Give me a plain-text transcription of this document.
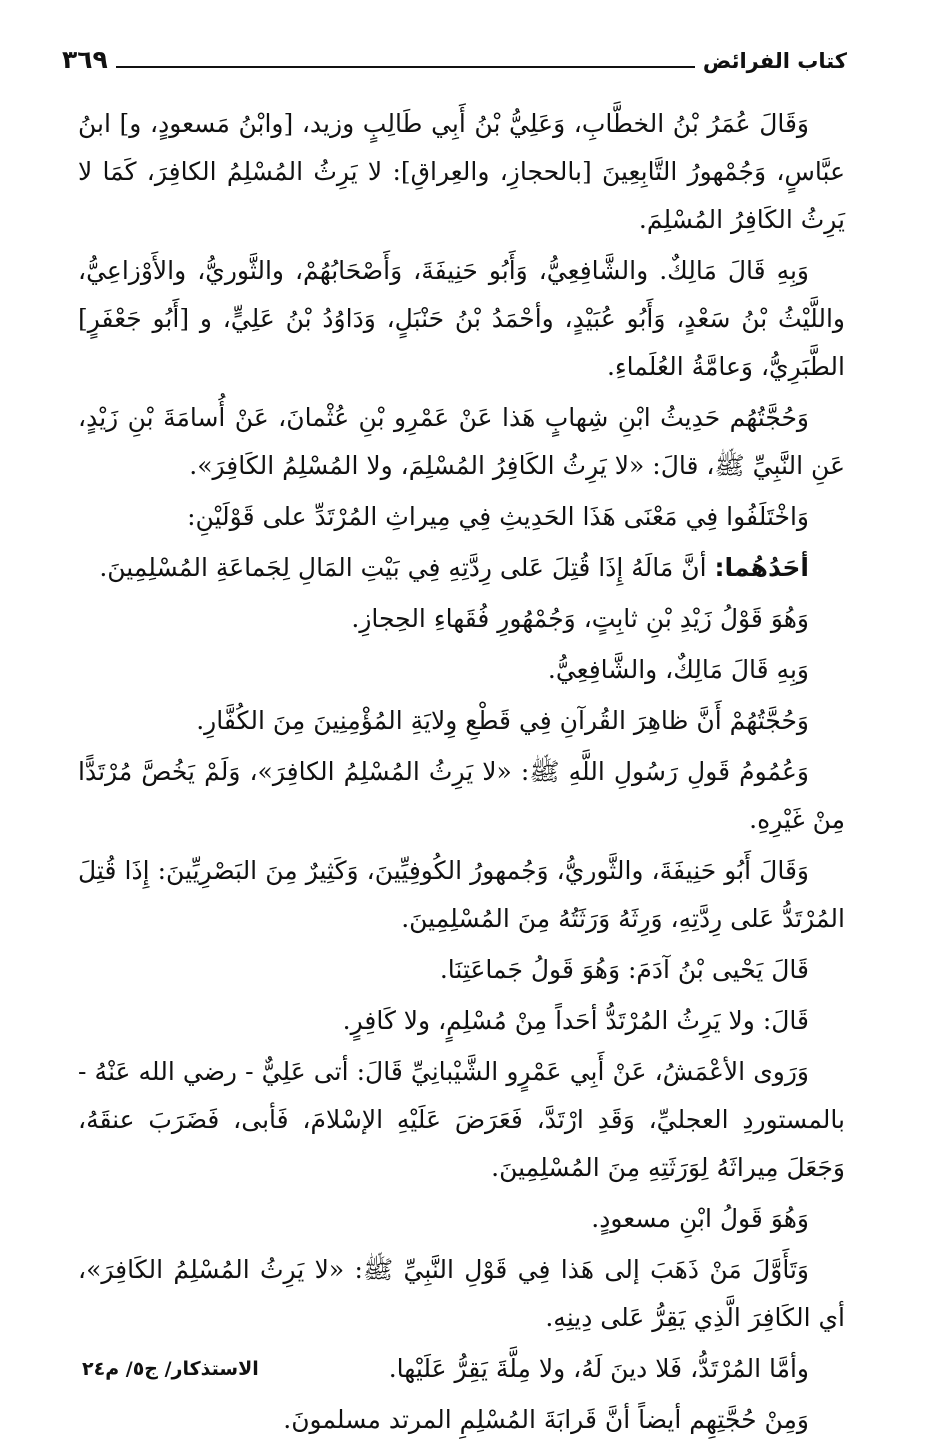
كتاب الفرائض
٣٦٩

وَقَالَ عُمَرُ بْنُ الخطَّابِ، وَعَلِيُّ بْنُ أَبِي طَالِبٍ وزيد، [وابْنُ مَسعودٍ، و] ابنُ عبَّاسٍ، وَجُمْهورُ التَّابِعِينَ [بالحجازِ، والعِراقِ]: لا يَرِثُ المُسْلِمُ الكافِرَ، كَمَا لا يَرِثُ الكَافِرُ المُسْلِمَ.

وَبِهِ قَالَ مَالِكٌ. والشَّافِعِيُّ، وَأَبُو حَنِيفَةَ، وَأَصْحَابُهُمْ، والثَّوريُّ، والأَوْزاعِيُّ، واللَّيْثُ بْنُ سَعْدٍ، وَأَبُو عُبَيْدٍ، وأحْمَدُ بْنُ حَنْبَلٍ، وَدَاوُدُ بْنُ عَلِيٍّ، و [أَبُو جَعْفَرٍ] الطَّبَرِيُّ، وَعامَّةُ العُلَماءِ.

وَحُجَّتُهُم حَدِيثُ ابْنِ شِهابٍ هَذا عَنْ عَمْرِو بْنِ عُثْمانَ، عَنْ أُسامَةَ بْنِ زَيْدٍ، عَنِ النَّبِيِّ ﷺ، قالَ: «لا يَرِثُ الكَافِرُ المُسْلِمَ، ولا المُسْلِمُ الكَافِرَ».

وَاخْتَلَفُوا فِي مَعْنَى هَذَا الحَدِيثِ فِي مِيراثِ المُرْتَدِّ على قَوْلَيْنِ:

أحَدُهُما: أنَّ مَالَهُ إِذَا قُتِلَ عَلى رِدَّتِهِ فِي بَيْتِ المَالِ لِجَماعَةِ المُسْلِمِينَ.

وَهُوَ قَوْلُ زَيْدِ بْنِ ثابِتٍ، وَجُمْهُورِ فُقَهاءِ الحِجازِ.

وَبِهِ قَالَ مَالِكٌ، والشَّافِعِيُّ.

وَحُجَّتُهُمْ أَنَّ ظاهِرَ القُرآنِ فِي قَطْعِ وِلايَةِ المُؤْمِنِينَ مِنَ الكُفَّارِ.

وَعُمُومُ قَولِ رَسُولِ اللَّهِ ﷺ: «لا يَرِثُ المُسْلِمُ الكافِرَ»، وَلَمْ يَخُصَّ مُرْتَدًّا مِنْ غَيْرِهِ.

وَقَالَ أَبُو حَنِيفَةَ، والثَّوريُّ، وَجُمهورُ الكُوفِيِّينَ، وَكَثِيرٌ مِنَ البَصْرِيِّينَ: إِذَا قُتِلَ المُرْتَدُّ عَلى رِدَّتِهِ، وَرِثَهُ وَرَثَتُهُ مِنَ المُسْلِمِينَ.

قَالَ يَحْيى بْنُ آدَمَ: وَهُوَ قَولُ جَماعَتِنَا.

قَالَ: ولا يَرِثُ المُرْتَدُّ أحَداً مِنْ مُسْلِمٍ، ولا كَافِرٍ.

وَرَوى الأعْمَشُ، عَنْ أَبِي عَمْرٍو الشَّيْبانِيِّ قَالَ: أتى عَلِيٌّ - رضي الله عَنْهُ - بالمستوردِ العجليِّ، وَقَدِ ارْتَدَّ، فَعَرَضَ عَلَيْهِ الإسْلامَ، فَأبى، فَضَرَبَ عنقَهُ، وَجَعَلَ مِيراثَهُ لِوَرَثَتِهِ مِنَ المُسْلِمِينَ.

وَهُوَ قَولُ ابْنِ مسعودٍ.

وَتَأَوَّلَ مَنْ ذَهَبَ إلى هَذا فِي قَوْلِ النَّبِيِّ ﷺ: «لا يَرِثُ المُسْلِمُ الكَافِرَ»، أي الكَافِرَ الَّذِي يَقِرُّ عَلى دِينِهِ.

وأمَّا المُرْتَدُّ، فَلا دينَ لَهُ، ولا مِلَّةَ يَقِرُّ عَلَيْها.

وَمِنْ حُجَّتِهِم أيضاً أنَّ قَرابَةَ المُسْلِمِ المرتد مسلمونَ.

الاستذكار/ ج٥/ م٢٤
